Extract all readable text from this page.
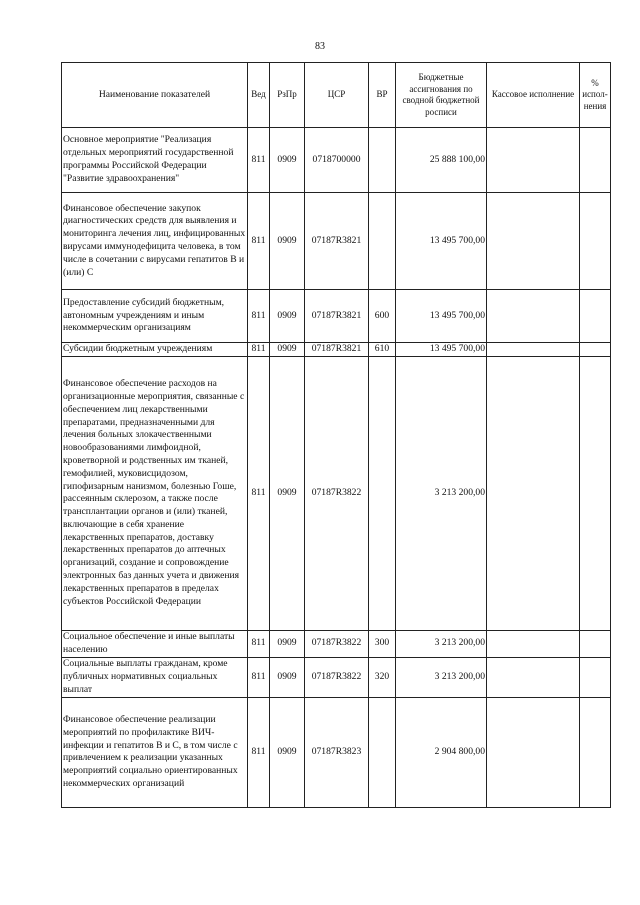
83
Наименование показателей	Вед	РзПр	ЦСР	ВР	Бюджетные ассигнования по сводной бюджетной росписи	Кассовое исполнение	% испол-нения
Основное мероприятие "Реализация отдельных мероприятий государственной программы Российской Федерации "Развитие здравоохранения"	811	0909	0718700000		25 888 100,00		
Финансовое обеспечение закупок диагностических средств для выявления и мониторинга лечения лиц, инфицированных вирусами иммунодефицита человека, в том числе в сочетании с вирусами гепатитов B и (или) C	811	0909	07187R3821		13 495 700,00		
Предоставление субсидий бюджетным, автономным учреждениям и иным некоммерческим организациям	811	0909	07187R3821	600	13 495 700,00		
Субсидии бюджетным учреждениям	811	0909	07187R3821	610	13 495 700,00		
Финансовое обеспечение расходов на организационные мероприятия, связанные с обеспечением лиц лекарственными препаратами, предназначенными для лечения больных злокачественными новообразованиями лимфоидной, кроветворной и родственных им тканей, гемофилией, муковисцидозом, гипофизарным нанизмом, болезнью Гоше, рассеянным склерозом, а также после трансплантации органов и (или) тканей, включающие в себя хранение лекарственных препаратов, доставку лекарственных препаратов до аптечных организаций, создание и сопровождение электронных баз данных учета и движения лекарственных препаратов в пределах субъектов Российской Федерации	811	0909	07187R3822		3 213 200,00		
Социальное обеспечение и иные выплаты населению	811	0909	07187R3822	300	3 213 200,00		
Социальные выплаты гражданам, кроме публичных нормативных социальных выплат	811	0909	07187R3822	320	3 213 200,00		
Финансовое обеспечение реализации мероприятий по профилактике ВИЧ-инфекции и гепатитов B и C, в том числе с привлечением к реализации указанных мероприятий социально ориентированных некоммерческих организаций	811	0909	07187R3823		2 904 800,00		
